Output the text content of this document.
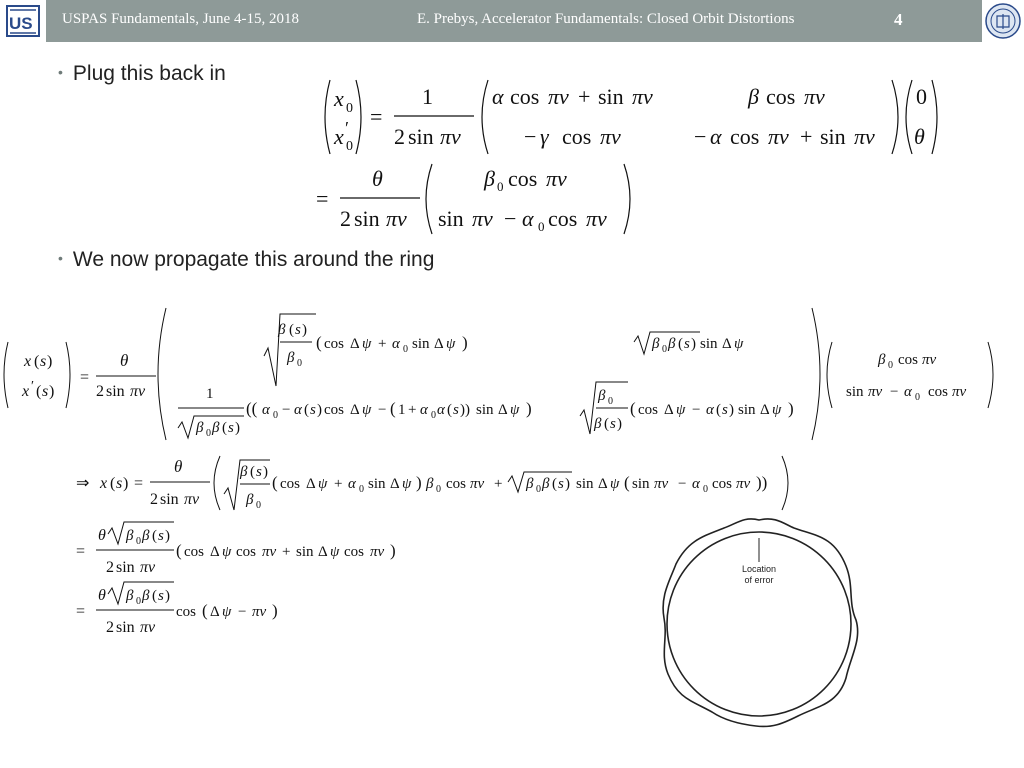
US USPAS Fundamentals, June 4-15, 2018	E. Prebys, Accelerator Fundamentals: Closed Orbit Distortions	4
• Plug this back in
• We now propagate this around the ring
x 0
x ′
0
=
1
2 sin πν
α cos πν + sin πν	β cos πν
− γ cos πν	− α cos πν + sin πν
0
θ
=
θ
2 sin πν
β 0 cos πν
sin πν − α 0 cos πν
x ( s )
x ′ ( s )
=
θ
2 sin πν
β ( s )
β 0
( cos Δ ψ + α 0 sin Δ ψ )	β 0 β ( s ) sin Δ ψ
1
β 0 β ( s )
(( α 0 − α ( s ) cos Δ ψ − ( 1 + α 0 α ( s )) sin Δ ψ )
β 0
β ( s )
( cos Δ ψ − α ( s ) sin Δ ψ )
β 0 cos πν
sin πν − α 0 cos πν
⇒ x ( s ) =
θ
2 sin πν
β ( s )
β 0
( cos Δ ψ + α 0 sin Δ ψ ) β 0 cos πν + β 0 β ( s ) sin Δ ψ ( sin πν − α 0 cos πν ))
=
θ β 0 β ( s )
2 sin πν
( cos Δ ψ cos πν + sin Δ ψ cos πν )
=
θ β 0 β ( s )
2 sin πν
cos ( Δ ψ − πν )
Location
of error
